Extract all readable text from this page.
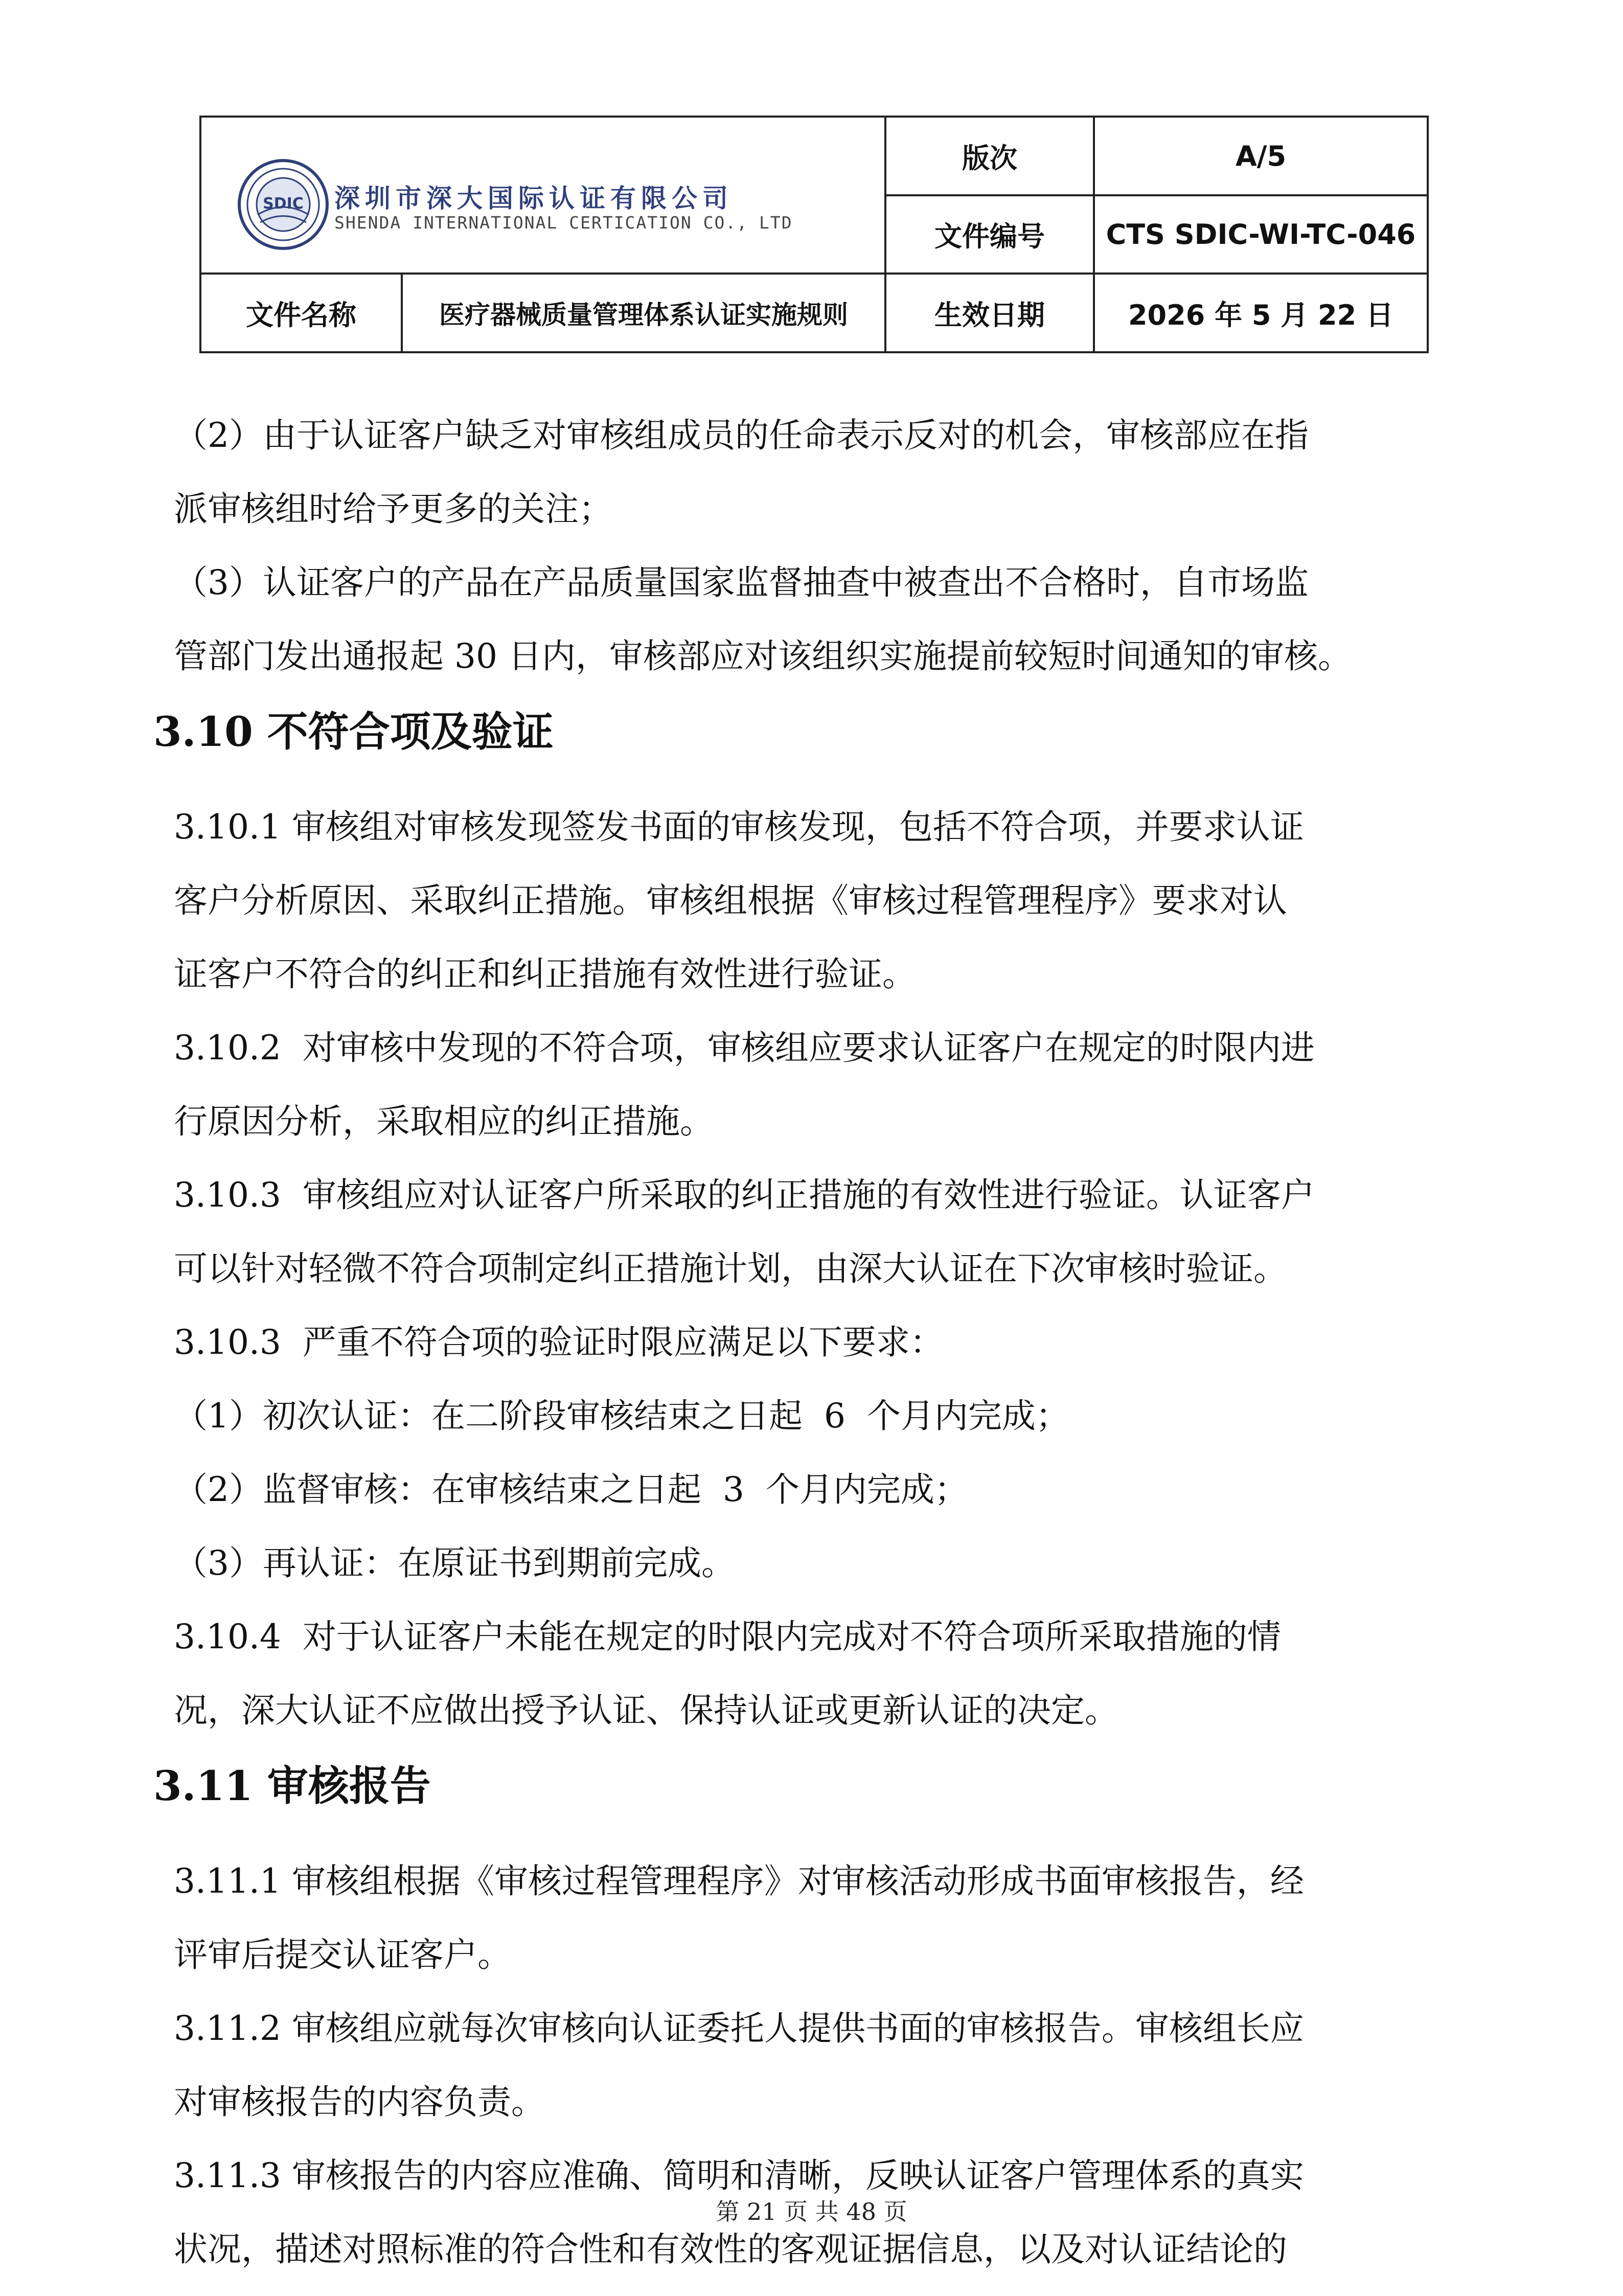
SDIC 深圳市深大国际认证有限公司
SHENDA INTERNATIONAL CERTICATION CO., LTD
版次	A/5
文件编号	CTS SDIC-WI-TC-046
文件名称	医疗器械质量管理体系认证实施规则	生效日期	2026 年 5 月 22 日

（2）由于认证客户缺乏对审核组成员的任命表示反对的机会，审核部应在指

派审核组时给予更多的关注；

（3）认证客户的产品在产品质量国家监督抽查中被查出不合格时，自市场监

管部门发出通报起 30 日内，审核部应对该组织实施提前较短时间通知的审核。

3.10 不符合项及验证

3.10.1 审核组对审核发现签发书面的审核发现，包括不符合项，并要求认证

客户分析原因、采取纠正措施。审核组根据《审核过程管理程序》要求对认

证客户不符合的纠正和纠正措施有效性进行验证。

3.10.2  对审核中发现的不符合项，审核组应要求认证客户在规定的时限内进

行原因分析，采取相应的纠正措施。

3.10.3  审核组应对认证客户所采取的纠正措施的有效性进行验证。认证客户

可以针对轻微不符合项制定纠正措施计划，由深大认证在下次审核时验证。

3.10.3  严重不符合项的验证时限应满足以下要求：

（1）初次认证：在二阶段审核结束之日起  6  个月内完成；

（2）监督审核：在审核结束之日起  3  个月内完成；

（3）再认证：在原证书到期前完成。

3.10.4  对于认证客户未能在规定的时限内完成对不符合项所采取措施的情

况，深大认证不应做出授予认证、保持认证或更新认证的决定。

3.11 审核报告

3.11.1 审核组根据《审核过程管理程序》对审核活动形成书面审核报告，经

评审后提交认证客户。

3.11.2 审核组应就每次审核向认证委托人提供书面的审核报告。审核组长应

对审核报告的内容负责。

3.11.3 审核报告的内容应准确、简明和清晰，反映认证客户管理体系的真实

状况，描述对照标准的符合性和有效性的客观证据信息，以及对认证结论的

第 21 页 共 48 页
